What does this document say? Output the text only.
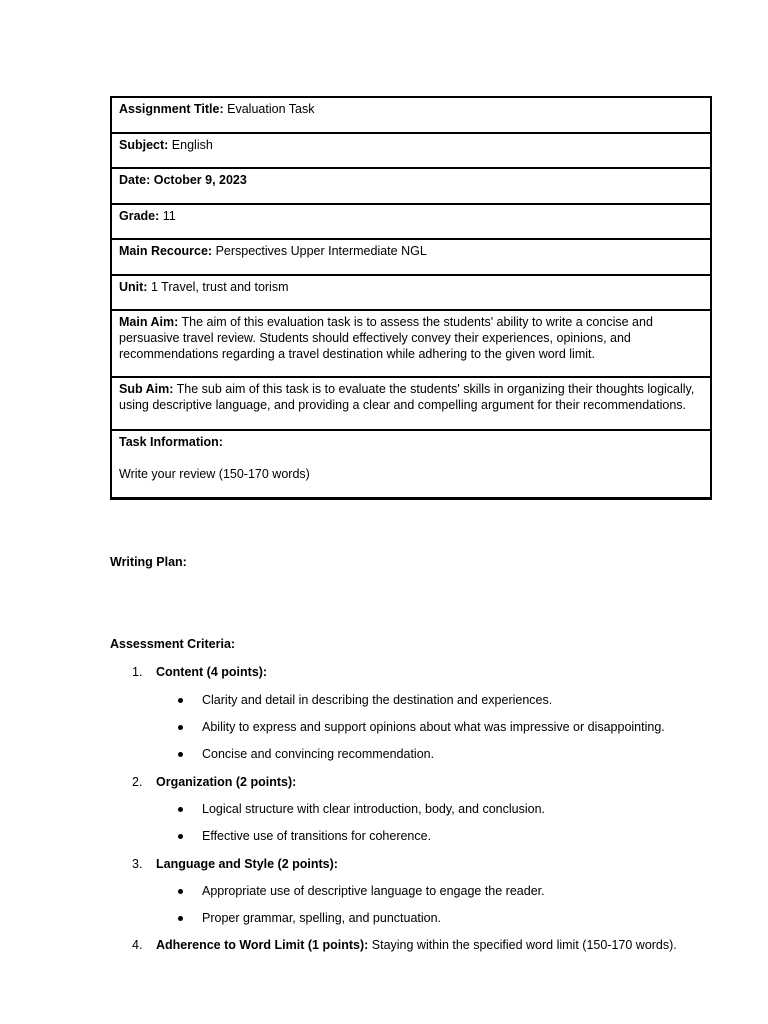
Assignment Title: Evaluation Task
Subject: English
Date: October 9, 2023
Grade: 11
Main Recource: Perspectives Upper Intermediate NGL
Unit: 1 Travel, trust and torism
Main Aim: The aim of this evaluation task is to assess the students' ability to write a concise and persuasive travel review. Students should effectively convey their experiences, opinions, and recommendations regarding a travel destination while adhering to the given word limit.
Sub Aim: The sub aim of this task is to evaluate the students' skills in organizing their thoughts logically, using descriptive language, and providing a clear and compelling argument for their recommendations.
Task Information:
Write your review (150-170 words)
Writing Plan:
Assessment Criteria:
1. Content (4 points):
Clarity and detail in describing the destination and experiences.
Ability to express and support opinions about what was impressive or disappointing.
Concise and convincing recommendation.
2. Organization (2 points):
Logical structure with clear introduction, body, and conclusion.
Effective use of transitions for coherence.
3. Language and Style (2 points):
Appropriate use of descriptive language to engage the reader.
Proper grammar, spelling, and punctuation.
4. Adherence to Word Limit (1 points): Staying within the specified word limit (150-170 words).
